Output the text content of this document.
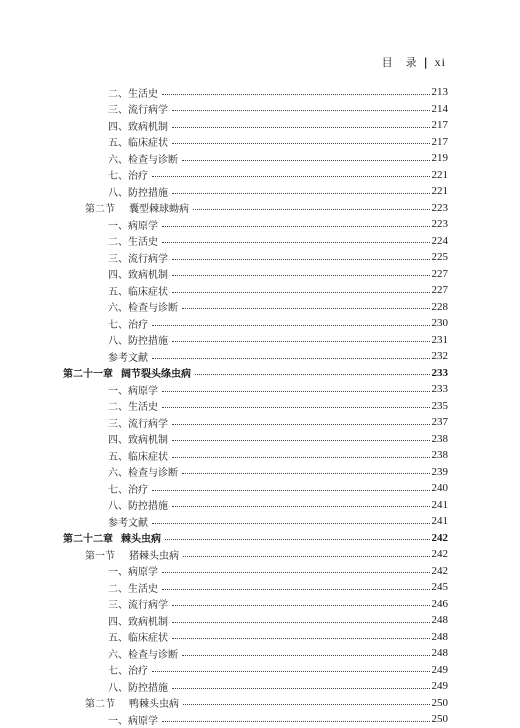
目　录 | xi
二、生活史	213
三、流行病学	214
四、致病机制	217
五、临床症状	217
六、检查与诊断	219
七、治疗	221
八、防控措施	221
第二节 囊型棘球蚴病	223
一、病原学	223
二、生活史	224
三、流行病学	225
四、致病机制	227
五、临床症状	227
六、检查与诊断	228
七、治疗	230
八、防控措施	231
参考文献	232
第二十一章 阔节裂头绦虫病	233
一、病原学	233
二、生活史	235
三、流行病学	237
四、致病机制	238
五、临床症状	238
六、检查与诊断	239
七、治疗	240
八、防控措施	241
参考文献	241
第二十二章 棘头虫病	242
第一节 猪棘头虫病	242
一、病原学	242
二、生活史	245
三、流行病学	246
四、致病机制	248
五、临床症状	248
六、检查与诊断	248
七、治疗	249
八、防控措施	249
第二节 鸭棘头虫病	250
一、病原学	250
